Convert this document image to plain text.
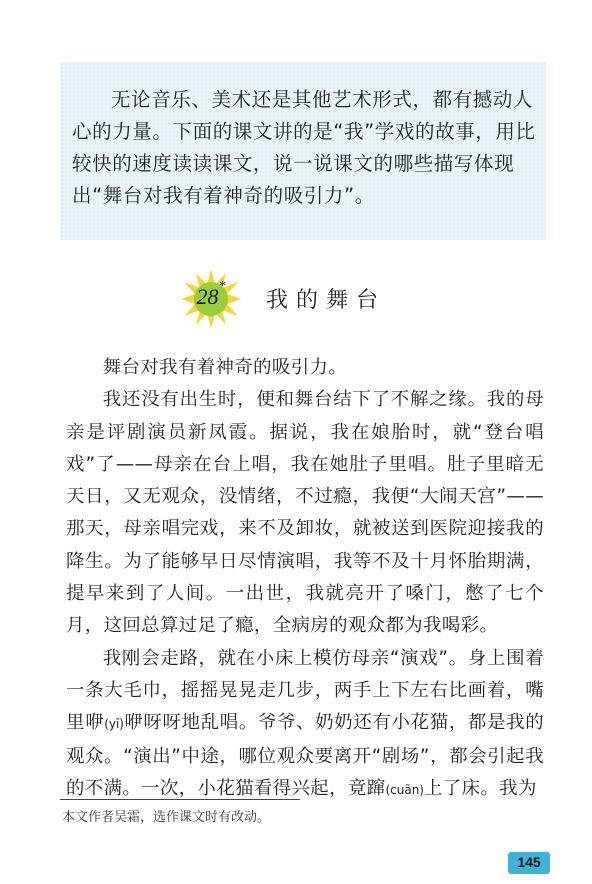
无论音乐、美术还是其他艺术形式，都有撼动人心的力量。下面的课文讲的是“我”学戏的故事，用比较快的速度读读课文，说一说课文的哪些描写体现出“舞台对我有着神奇的吸引力”。
28*
我的舞台

舞台对我有着神奇的吸引力。

我还没有出生时，便和舞台结下了不解之缘。我的母亲是评剧演员新凤霞。据说，我在娘胎时，就“登台唱戏”了——母亲在台上唱，我在她肚子里唱。肚子里暗无天日，又无观众，没情绪，不过瘾，我便“大闹天宫”——那天，母亲唱完戏，来不及卸妆，就被送到医院迎接我的降生。为了能够早日尽情演唱，我等不及十月怀胎期满，提早来到了人间。一出世，我就亮开了嗓门，憋了七个月，这回总算过足了瘾，全病房的观众都为我喝彩。

我刚会走路，就在小床上模仿母亲“演戏”。身上围着一条大毛巾，摇摇晃晃走几步，两手上下左右比画着，嘴里咿(yī)咿呀呀地乱唱。爷爷、奶奶还有小花猫，都是我的观众。“演出”中途，哪位观众要离开“剧场”，都会引起我的不满。一次，小花猫看得兴起，竟蹿(cuān)上了床。我为

本文作者吴霜，选作课文时有改动。
145
